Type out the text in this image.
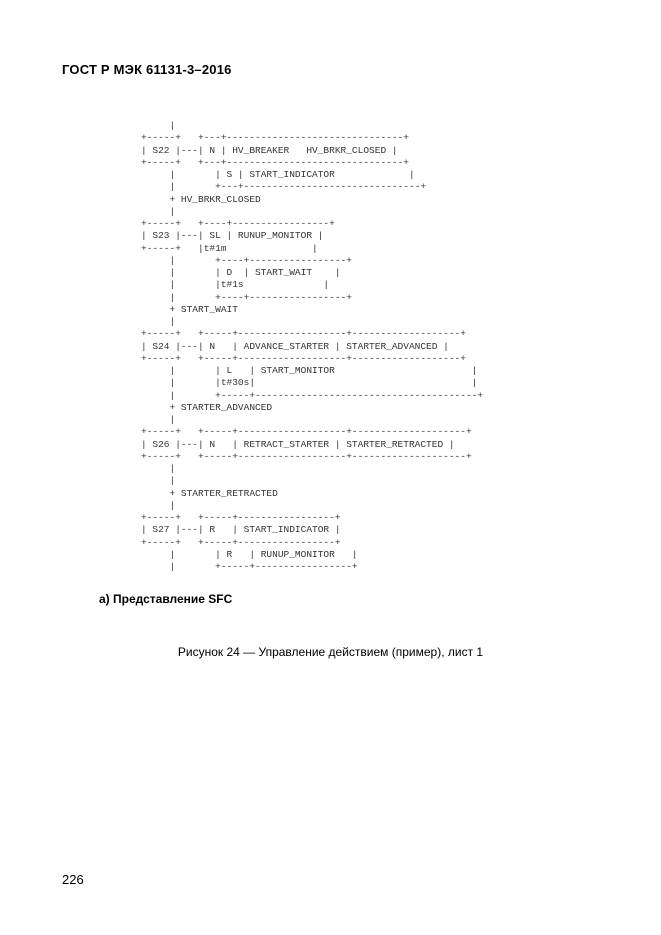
ГОСТ Р МЭК 61131-3–2016
|
+-----+   +---+-------------------------------+
| S22 |---| N | HV_BREAKER   HV_BRKR_CLOSED |
+-----+   +---+-------------------------------+
|       | S | START_INDICATOR             |
|       +---+-------------------------------+
+ HV_BRKR_CLOSED
|
+-----+   +----+-----------------+
| S23 |---| SL | RUNUP_MONITOR |
+-----+   |t#1m               |
|       +----+-----------------+
|       | D  | START_WAIT    |
|       |t#1s              |
|       +----+-----------------+
+ START_WAIT
|
+-----+   +-----+-------------------+-------------------+
| S24 |---| N   | ADVANCE_STARTER | STARTER_ADVANCED |
+-----+   +-----+-------------------+-------------------+
|       | L   | START_MONITOR                        |
|       |t#30s|                                      |
|       +-----+---------------------------------------+
+ STARTER_ADVANCED
|
+-----+   +-----+-------------------+--------------------+
| S26 |---| N   | RETRACT_STARTER | STARTER_RETRACTED |
+-----+   +-----+-------------------+--------------------+
|
|
+ STARTER_RETRACTED
|
+-----+   +-----+-----------------+
| S27 |---| R   | START_INDICATOR |
+-----+   +-----+-----------------+
|       | R   | RUNUP_MONITOR   |
|       +-----+-----------------+
а) Представление SFC
Рисунок 24 — Управление действием (пример), лист 1
226
